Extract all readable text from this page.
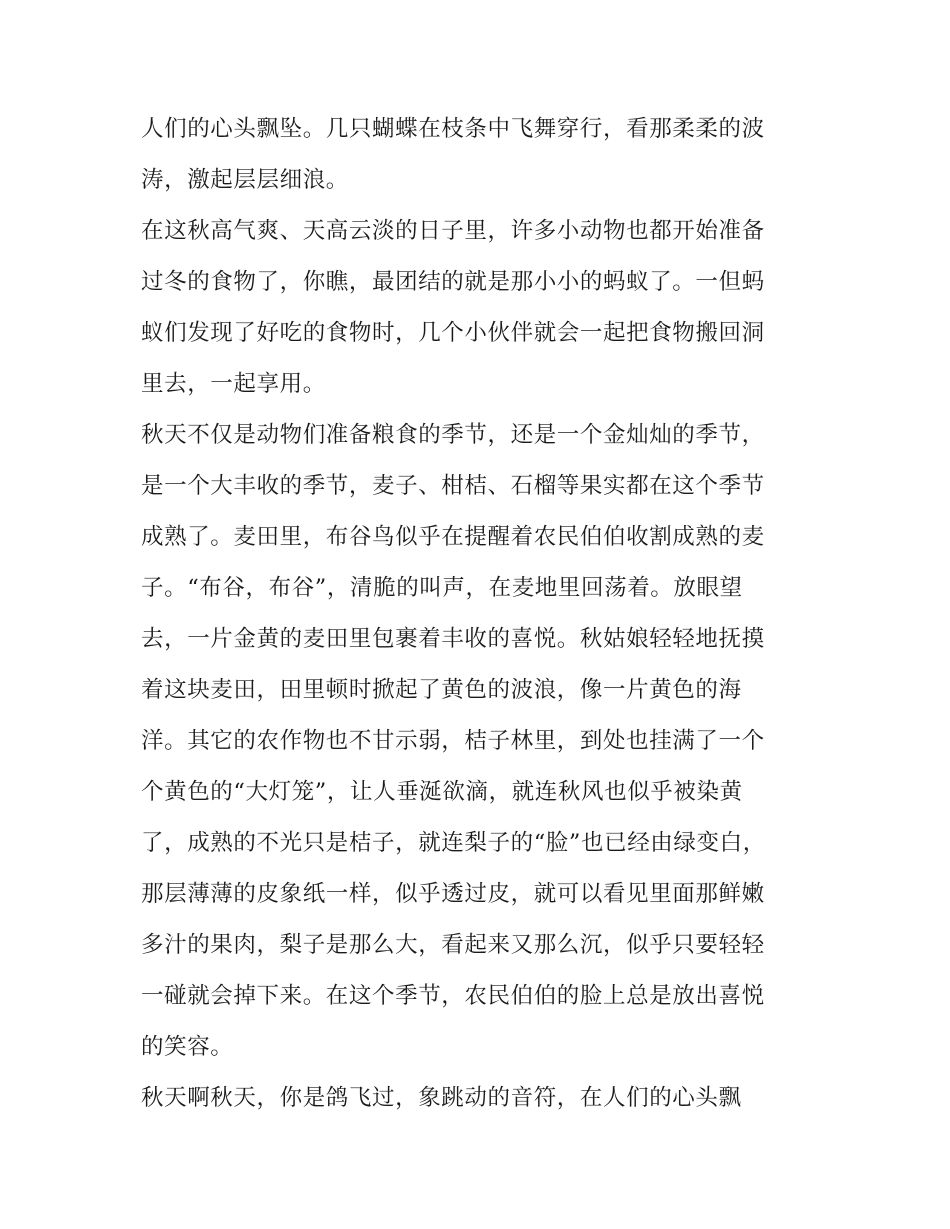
人们的心头飘坠。几只蝴蝶在枝条中飞舞穿行，看那柔柔的波
涛，激起层层细浪。
在这秋高气爽、天高云淡的日子里，许多小动物也都开始准备
过冬的食物了，你瞧，最团结的就是那小小的蚂蚁了。一但蚂
蚁们发现了好吃的食物时，几个小伙伴就会一起把食物搬回洞
里去，一起享用。
秋天不仅是动物们准备粮食的季节，还是一个金灿灿的季节，
是一个大丰收的季节，麦子、柑桔、石榴等果实都在这个季节
成熟了。麦田里，布谷鸟似乎在提醒着农民伯伯收割成熟的麦
子。“布谷，布谷”，清脆的叫声，在麦地里回荡着。放眼望
去，一片金黄的麦田里包裹着丰收的喜悦。秋姑娘轻轻地抚摸
着这块麦田，田里顿时掀起了黄色的波浪，像一片黄色的海
洋。其它的农作物也不甘示弱，桔子林里，到处也挂满了一个
个黄色的“大灯笼”，让人垂涎欲滴，就连秋风也似乎被染黄
了，成熟的不光只是桔子，就连梨子的“脸”也已经由绿变白，
那层薄薄的皮象纸一样，似乎透过皮，就可以看见里面那鲜嫩
多汁的果肉，梨子是那么大，看起来又那么沉，似乎只要轻轻
一碰就会掉下来。在这个季节，农民伯伯的脸上总是放出喜悦
的笑容。
秋天啊秋天，你是鸽飞过，象跳动的音符，在人们的心头飘
